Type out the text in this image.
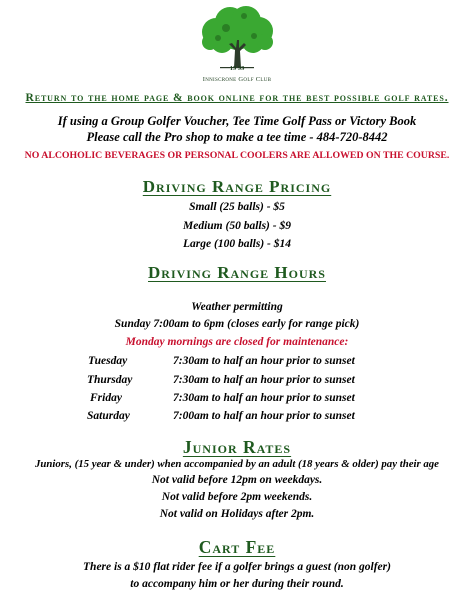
19 99
Inniscrone Golf Club
Return to the home page & book online for the best possible golf rates.
If using a Group Golfer Voucher, Tee Time Golf Pass or Victory Book
Please call the Pro shop to make a tee time - 484-720-8442
NO ALCOHOLIC BEVERAGES OR PERSONAL COOLERS ARE ALLOWED ON THE COURSE.
Driving Range Pricing
Small (25 balls) - $5
Medium (50 balls) - $9
Large (100 balls) - $14
Driving Range Hours
Weather permitting
Sunday 7:00am to 6pm (closes early for range pick)
Monday mornings are closed for maintenance:
Tuesday	7:30am to half an hour prior to sunset
Thursday	7:30am to half an hour prior to sunset
Friday	7:30am to half an hour prior to sunset
Saturday	7:00am to half an hour prior to sunset
Junior Rates
Juniors, (15 year & under) when accompanied by an adult (18 years & older) pay their age
Not valid before 12pm on weekdays.
Not valid before 2pm weekends.
Not valid on Holidays after 2pm.
Cart Fee
There is a $10 flat rider fee if a golfer brings a guest (non golfer)
to accompany him or her during their round.
